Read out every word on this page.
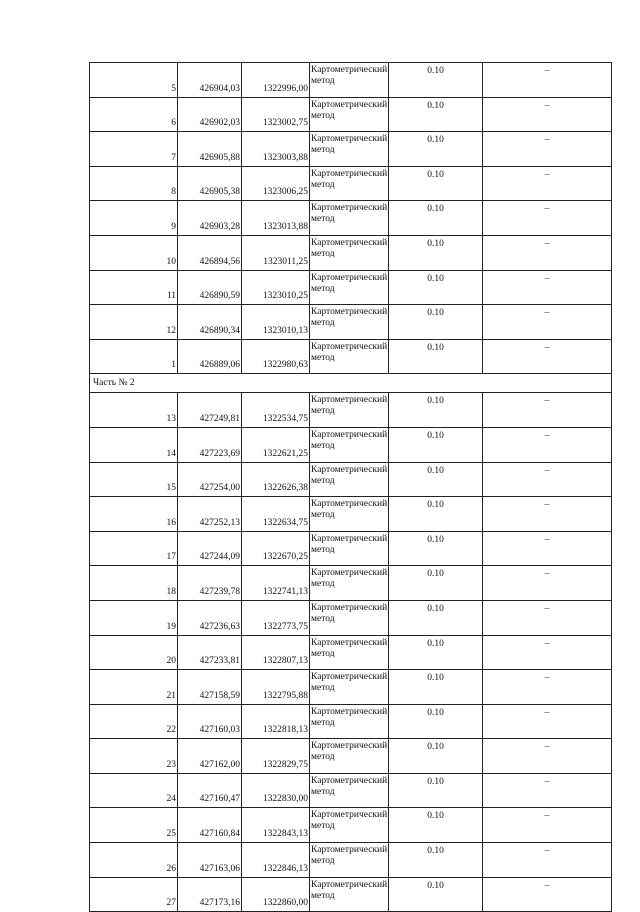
5	426904,03	1322996,00	Картометрический метод	0.10	–
6	426902,03	1323002,75	Картометрический метод	0.10	–
7	426905,88	1323003,88	Картометрический метод	0.10	–
8	426905,38	1323006,25	Картометрический метод	0.10	–
9	426903,28	1323013,88	Картометрический метод	0.10	–
10	426894,56	1323011,25	Картометрический метод	0.10	–
11	426890,59	1323010,25	Картометрический метод	0.10	–
12	426890,34	1323010,13	Картометрический метод	0.10	–
1	426889,06	1322980,63	Картометрический метод	0.10	–
Часть № 2					
13	427249,81	1322534,75	Картометрический метод	0.10	–
14	427223,69	1322621,25	Картометрический метод	0.10	–
15	427254,00	1322626,38	Картометрический метод	0.10	–
16	427252,13	1322634,75	Картометрический метод	0.10	–
17	427244,09	1322670,25	Картометрический метод	0.10	–
18	427239,78	1322741,13	Картометрический метод	0.10	–
19	427236,63	1322773,75	Картометрический метод	0.10	–
20	427233,81	1322807,13	Картометрический метод	0.10	–
21	427158,59	1322795,88	Картометрический метод	0.10	–
22	427160,03	1322818,13	Картометрический метод	0.10	–
23	427162,00	1322829,75	Картометрический метод	0.10	–
24	427160,47	1322830,00	Картометрический метод	0.10	–
25	427160,84	1322843,13	Картометрический метод	0.10	–
26	427163,06	1322846,13	Картометрический метод	0.10	–
27	427173,16	1322860,00	Картометрический метод	0.10	–
